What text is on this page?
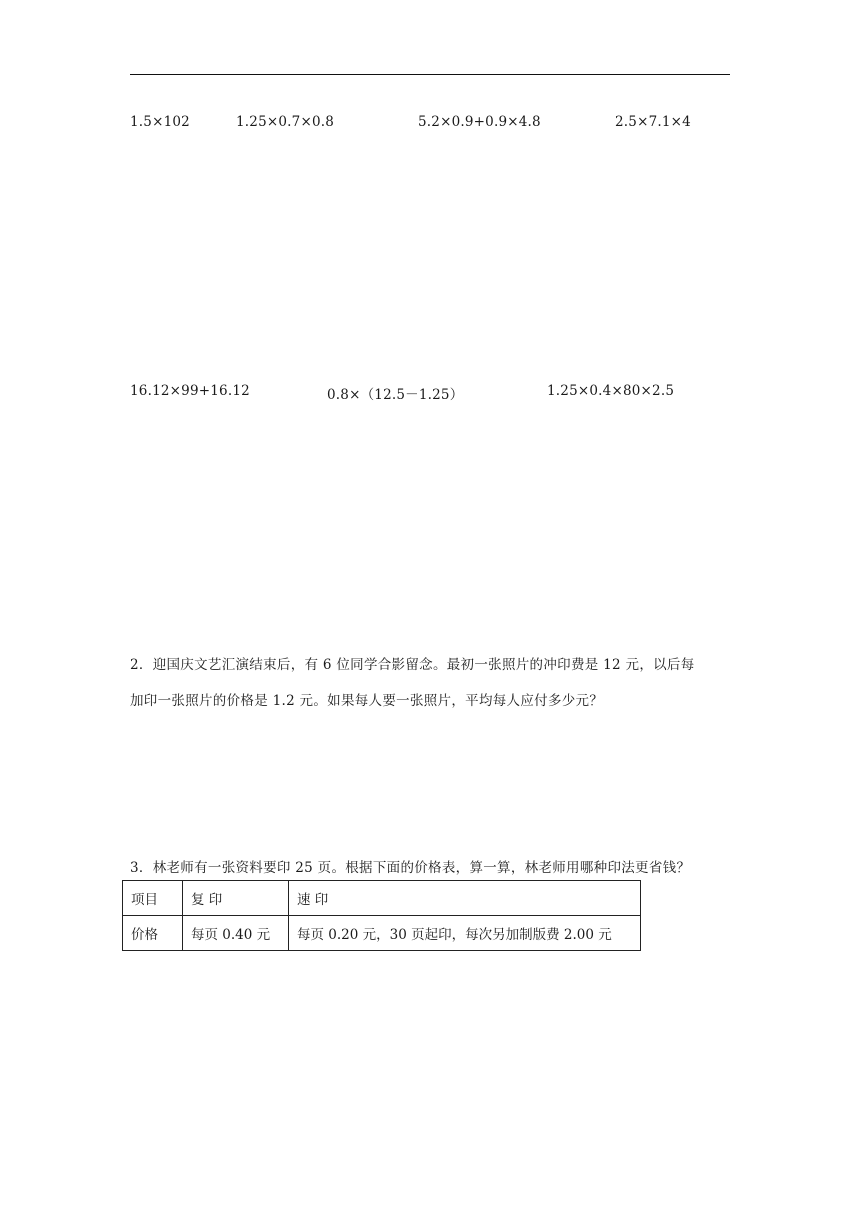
1.5×102	1.25×0.7×0.8	5.2×0.9+0.9×4.8	2.5×7.1×4
16.12×99+16.12	0.8×（12.5－1.25）	1.25×0.4×80×2.5
2．迎国庆文艺汇演结束后，有 6 位同学合影留念。最初一张照片的冲印费是 12 元，以后每
加印一张照片的价格是 1.2 元。如果每人要一张照片，平均每人应付多少元？
3．林老师有一张资料要印 25 页。根据下面的价格表，算一算，林老师用哪种印法更省钱？
项目	复 印	速 印
价格	每页 0.40 元	每页 0.20 元，30 页起印，每次另加制版费 2.00 元
